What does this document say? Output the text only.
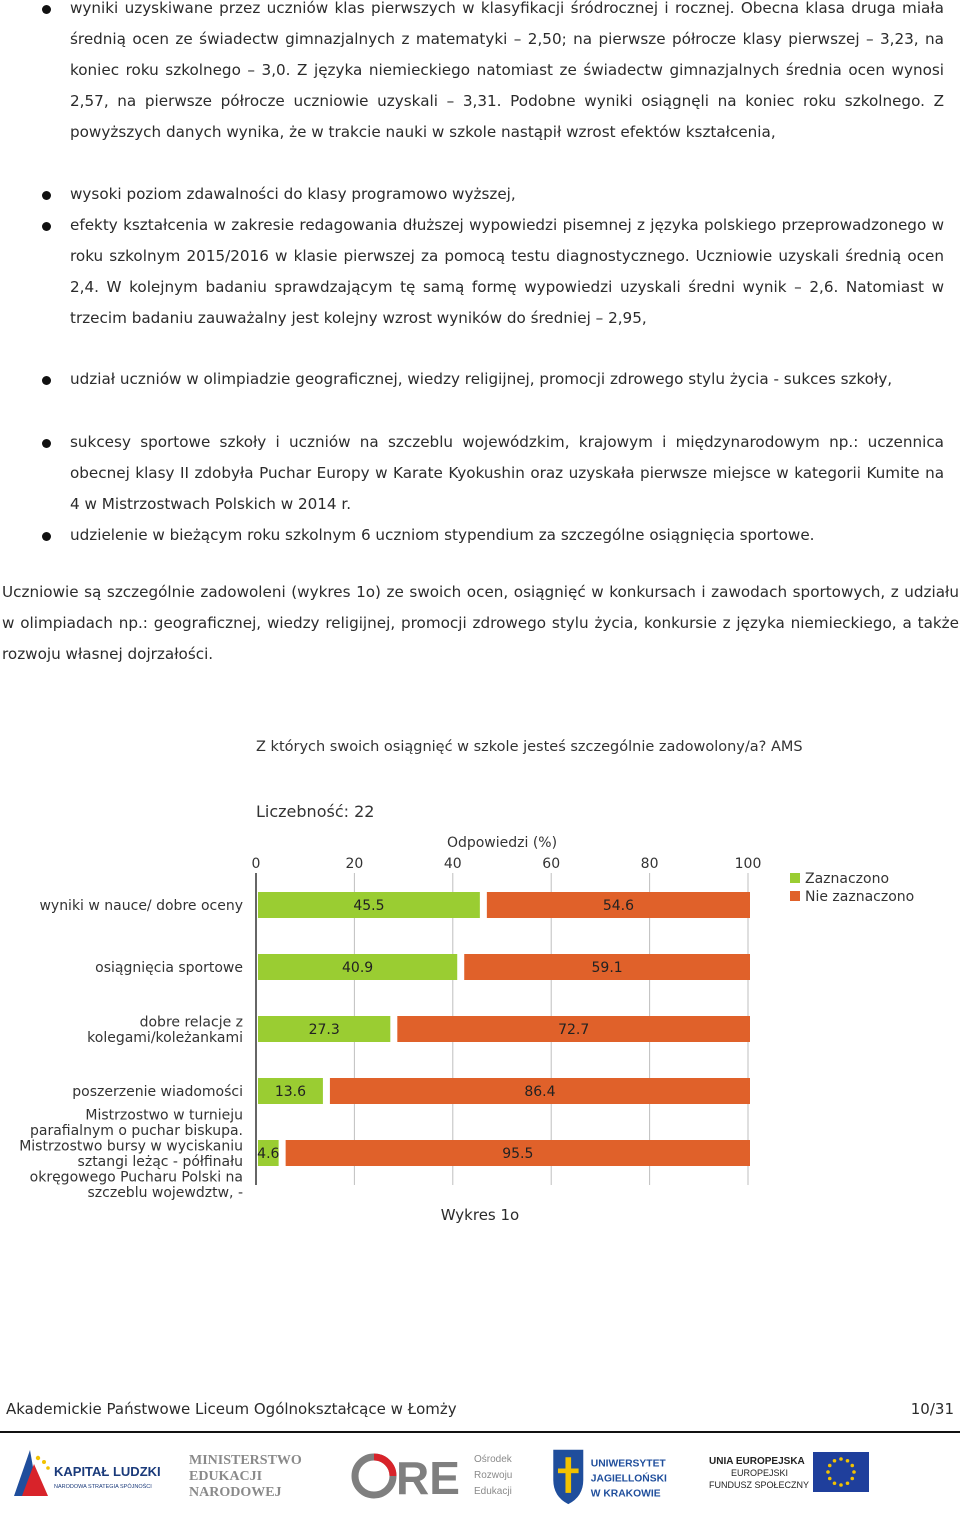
wyniki uzyskiwane przez uczniów klas pierwszych w klasyfikacji śródrocznej i rocznej. Obecna klasa druga miała średnią ocen ze świadectw gimnazjalnych z matematyki – 2,50; na pierwsze półrocze klasy pierwszej – 3,23, na koniec roku szkolnego – 3,0. Z języka niemieckiego natomiast ze świadectw gimnazjalnych średnia ocen wynosi 2,57, na pierwsze półrocze uczniowie uzyskali – 3,31. Podobne wyniki osiągnęli na koniec roku szkolnego. Z powyższych danych wynika, że w trakcie nauki w szkole nastąpił wzrost efektów kształcenia,
wysoki poziom zdawalności do klasy programowo wyższej,
efekty kształcenia w zakresie redagowania dłuższej wypowiedzi pisemnej z języka polskiego przeprowadzonego w roku szkolnym 2015/2016 w klasie pierwszej za pomocą testu diagnostycznego. Uczniowie uzyskali średnią ocen 2,4. W kolejnym badaniu sprawdzającym tę samą formę wypowiedzi uzyskali średni wynik – 2,6. Natomiast w trzecim badaniu zauważalny jest kolejny wzrost wyników do średniej – 2,95,
udział uczniów w olimpiadzie geograficznej, wiedzy religijnej, promocji zdrowego stylu życia - sukces szkoły,
sukcesy sportowe szkoły i uczniów na szczeblu wojewódzkim, krajowym i międzynarodowym np.: uczennica obecnej klasy II zdobyła Puchar Europy w Karate Kyokushin oraz uzyskała pierwsze miejsce w kategorii Kumite na 4 w Mistrzostwach Polskich w 2014 r.
udzielenie w bieżącym roku szkolnym 6 uczniom stypendium za szczególne osiągnięcia sportowe.

Uczniowie są szczególnie zadowoleni (wykres 1o) ze swoich ocen, osiągnięć w konkursach i zawodach sportowych, z udziału w olimpiadach np.: geograficznej, wiedzy religijnej, promocji zdrowego stylu życia, konkursie z języka niemieckiego, a także rozwoju własnej dojrzałości.

Z których swoich osiągnięć w szkole jesteś szczególnie zadowolony/a? AMS
Liczebność: 22
Odpowiedzi (%)
0	20	40	60	80	100
wyniki w nauce/ dobre oceny	45.5	54.6
osiągnięcia sportowe	40.9	59.1
dobre relacje z
kolegami/koleżankami	27.3	72.7
poszerzenie wiadomości 13.6	86.4
Mistrzostwo w turnieju
parafialnym o puchar biskupa.
Mistrzostwo bursy w wyciskaniu
sztangi leżąc - półfinału
okręgowego Pucharu Polski na
szczeblu wojewdztw, -
4.6	95.5
Zaznaczono
Nie zaznaczono
Wykres 1o
Akademickie Państwowe Liceum Ogólnokształcące w Łomży	10/31
KAPITAŁ LUDZKI
NARODOWA STRATEGIA SPÓJNOŚCI
MINISTERSTWO
EDUKACJI
NARODOWEJ RE Ośrodek
Rozwoju
Edukacji
UNIWERSYTET
JAGIELLOŃSKI
W KRAKOWIE
UNIA EUROPEJSKA
EUROPEJSKI
FUNDUSZ SPOŁECZNY
